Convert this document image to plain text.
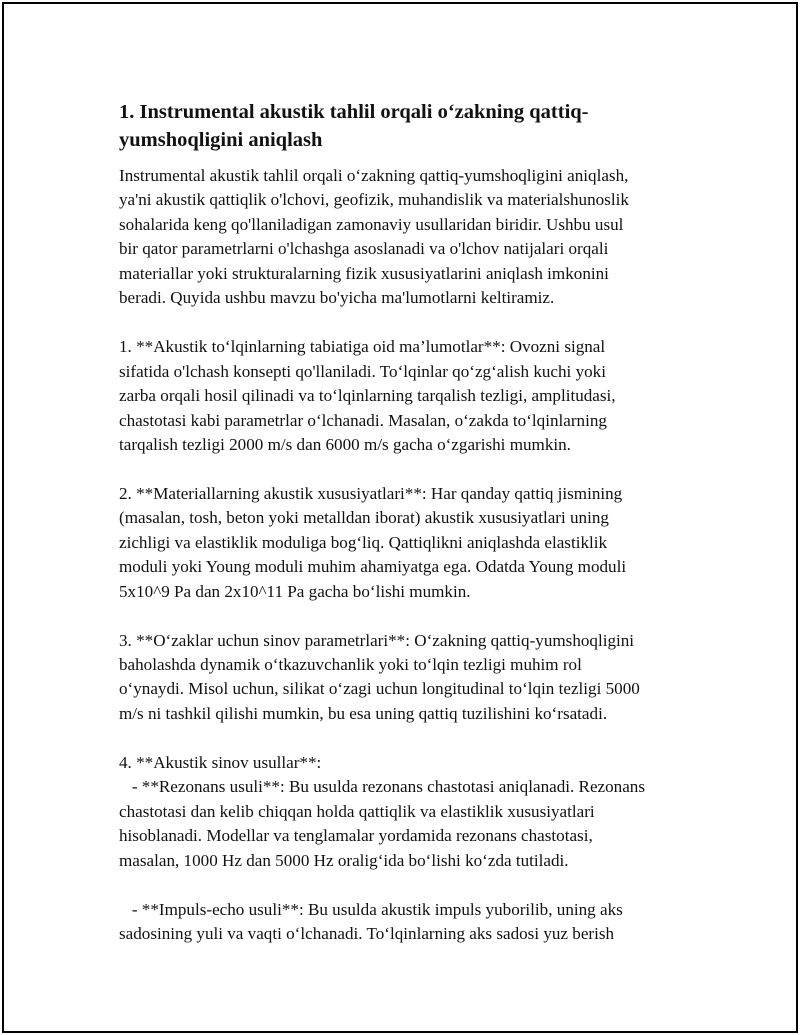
1. Instrumental akustik tahlil orqali o‘zakning qattiq-
yumshoqligini aniqlash

Instrumental akustik tahlil orqali o‘zakning qattiq-yumshoqligini aniqlash,
ya'ni akustik qattiqlik o'lchovi, geofizik, muhandislik va materialshunoslik
sohalarida keng qo'llaniladigan zamonaviy usullaridan biridir. Ushbu usul
bir qator parametrlarni o'lchashga asoslanadi va o'lchov natijalari orqali
materiallar yoki strukturalarning fizik xususiyatlarini aniqlash imkonini
beradi. Quyida ushbu mavzu bo'yicha ma'lumotlarni keltiramiz.

1. **Akustik to‘lqinlarning tabiatiga oid ma’lumotlar**: Ovozni signal
sifatida o'lchash konsepti qo'llaniladi. To‘lqinlar qo‘zg‘alish kuchi yoki
zarba orqali hosil qilinadi va to‘lqinlarning tarqalish tezligi, amplitudasi,
chastotasi kabi parametrlar o‘lchanadi. Masalan, o‘zakda to‘lqinlarning
tarqalish tezligi 2000 m/s dan 6000 m/s gacha o‘zgarishi mumkin.

2. **Materiallarning akustik xususiyatlari**: Har qanday qattiq jismining
(masalan, tosh, beton yoki metalldan iborat) akustik xususiyatlari uning
zichligi va elastiklik moduliga bog‘liq. Qattiqlikni aniqlashda elastiklik
moduli yoki Young moduli muhim ahamiyatga ega. Odatda Young moduli
5x10^9 Pa dan 2x10^11 Pa gacha bo‘lishi mumkin.

3. **O‘zaklar uchun sinov parametrlari**: O‘zakning qattiq-yumshoqligini
baholashda dynamik o‘tkazuvchanlik yoki to‘lqin tezligi muhim rol
o‘ynaydi. Misol uchun, silikat o‘zagi uchun longitudinal to‘lqin tezligi 5000
m/s ni tashkil qilishi mumkin, bu esa uning qattiq tuzilishini ko‘rsatadi.

4. **Akustik sinov usullar**:
- **Rezonans usuli**: Bu usulda rezonans chastotasi aniqlanadi. Rezonans
chastotasi dan kelib chiqqan holda qattiqlik va elastiklik xususiyatlari
hisoblanadi. Modellar va tenglamalar yordamida rezonans chastotasi,
masalan, 1000 Hz dan 5000 Hz oralig‘ida bo‘lishi ko‘zda tutiladi.

- **Impuls-echo usuli**: Bu usulda akustik impuls yuborilib, uning aks
sadosining yuli va vaqti o‘lchanadi. To‘lqinlarning aks sadosi yuz berish
